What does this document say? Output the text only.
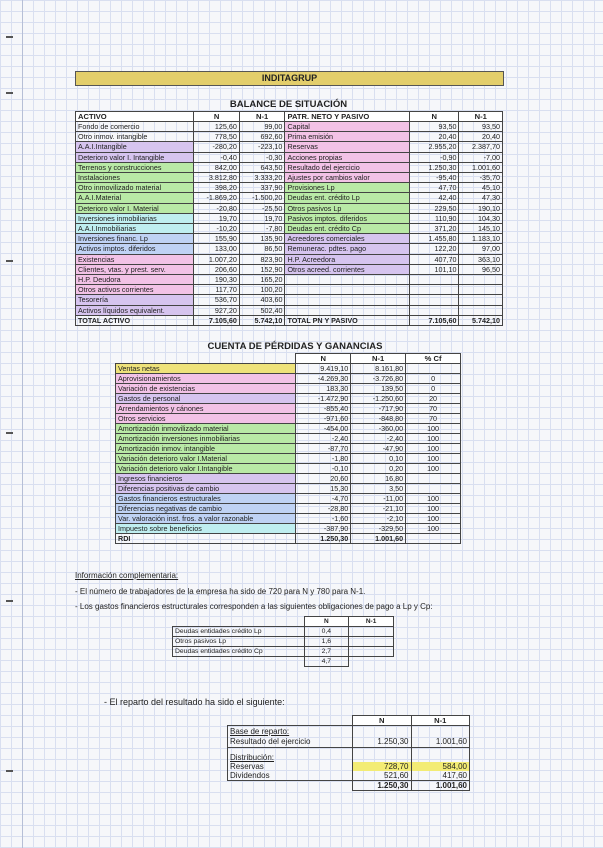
INDITAGRUP
BALANCE DE SITUACIÓN
ACTIVO	N	N-1	PATR. NETO Y PASIVO	N	N-1
Fondo de comercio	125,60	99,00	Capital	93,50	93,50
Otro inmov. intangible	778,50	692,60	Prima emisión	20,40	20,40
A.A.I.Intangible	-280,20	-223,10	Reservas	2.955,20	2.387,70
Deterioro valor I. Intangible	-0,40	-0,30	Acciones propias	-0,90	-7,00
Terrenos y construcciones	842,00	643,50	Resultado del ejercicio	1.250,30	1.001,60
Instalaciones	3.812,80	3.333,20	Ajustes por cambios valor	-95,40	-35,70
Otro inmovilizado material	398,20	337,90	Provisiones Lp	47,70	45,10
A.A.I.Material	-1.869,20	-1.500,20	Deudas ent. crédito Lp	42,40	47,30
Deterioro valor I. Material	-20,80	-25,50	Otros pasivos Lp	229,50	190,10
Inversiones inmobiliarias	19,70	19,70	Pasivos imptos. diferidos	110,90	104,30
A.A.I.Inmobiliarias	-10,20	-7,80	Deudas ent. crédito Cp	371,20	145,10
Inversiones financ. Lp	155,90	135,90	Acreedores comerciales	1.455,80	1.183,10
Activos imptos. diferidos	133,00	86,50	Remunerac. pdtes. pago	122,20	97,00
Existencias	1.007,20	823,90	H.P. Acreedora	407,70	363,10
Clientes, vtas. y prest. serv.	206,60	152,90	Otros acreed. corrientes	101,10	96,50
H.P. Deudora	190,30	165,20			
Otros activos corrientes	117,70	100,20			
Tesorería	536,70	403,60			
Activos líquidos equivalent.	927,20	502,40			
TOTAL ACTIVO	7.105,60	5.742,10	TOTAL PN Y PASIVO	7.105,60	5.742,10
CUENTA DE PÉRDIDAS Y GANANCIAS
	N	N-1	% Cf
Ventas netas	9.419,10	8.161,80	
Aprovisionamientos	-4.269,30	-3.726,80	0
Variación de existencias	183,30	139,50	0
Gastos de personal	-1.472,90	-1.250,60	20
Arrendamientos y cánones	-855,40	-717,90	70
Otros servicios	-971,60	-848,80	70
Amortización inmovilizado material	-454,00	-360,00	100
Amortización inversiones inmobiliarias	-2,40	-2,40	100
Amortización inmov. intangible	-87,70	-47,90	100
Variación deterioro valor I.Material	-1,80	0,10	100
Variación deterioro valor I.Intangible	-0,10	0,20	100
Ingresos financieros	20,60	16,80	
Diferencias positivas de cambio	15,30	3,50	
Gastos financieros estructurales	-4,70	-11,00	100
Diferencias negativas de cambio	-28,80	-21,10	100
Var. valoración inst. fros. a valor razonable	-1,60	-2,10	100
Impuesto sobre beneficios	-387,90	-329,50	100
RDI	1.250,30	1.001,60	
Información complementaria:
- El número de trabajadores de la empresa ha sido de 720 para N y 780 para N-1.
- Los gastos financieros estructurales corresponden a las siguientes obligaciones de pago a Lp y Cp:
	N	N-1
Deudas entidades crédito Lp	0,4	
Otros pasivos Lp	1,6	
Deudas entidades crédito Cp	2,7	
	4,7	
- El reparto del resultado ha sido el siguiente:
	N	N-1
Base de reparto:		
Resultado del ejercicio	1.250,30	1.001,60
Distribución:		
Reservas	728,70	584,00
Dividendos	521,60	417,60
	1.250,30	1.001,60
